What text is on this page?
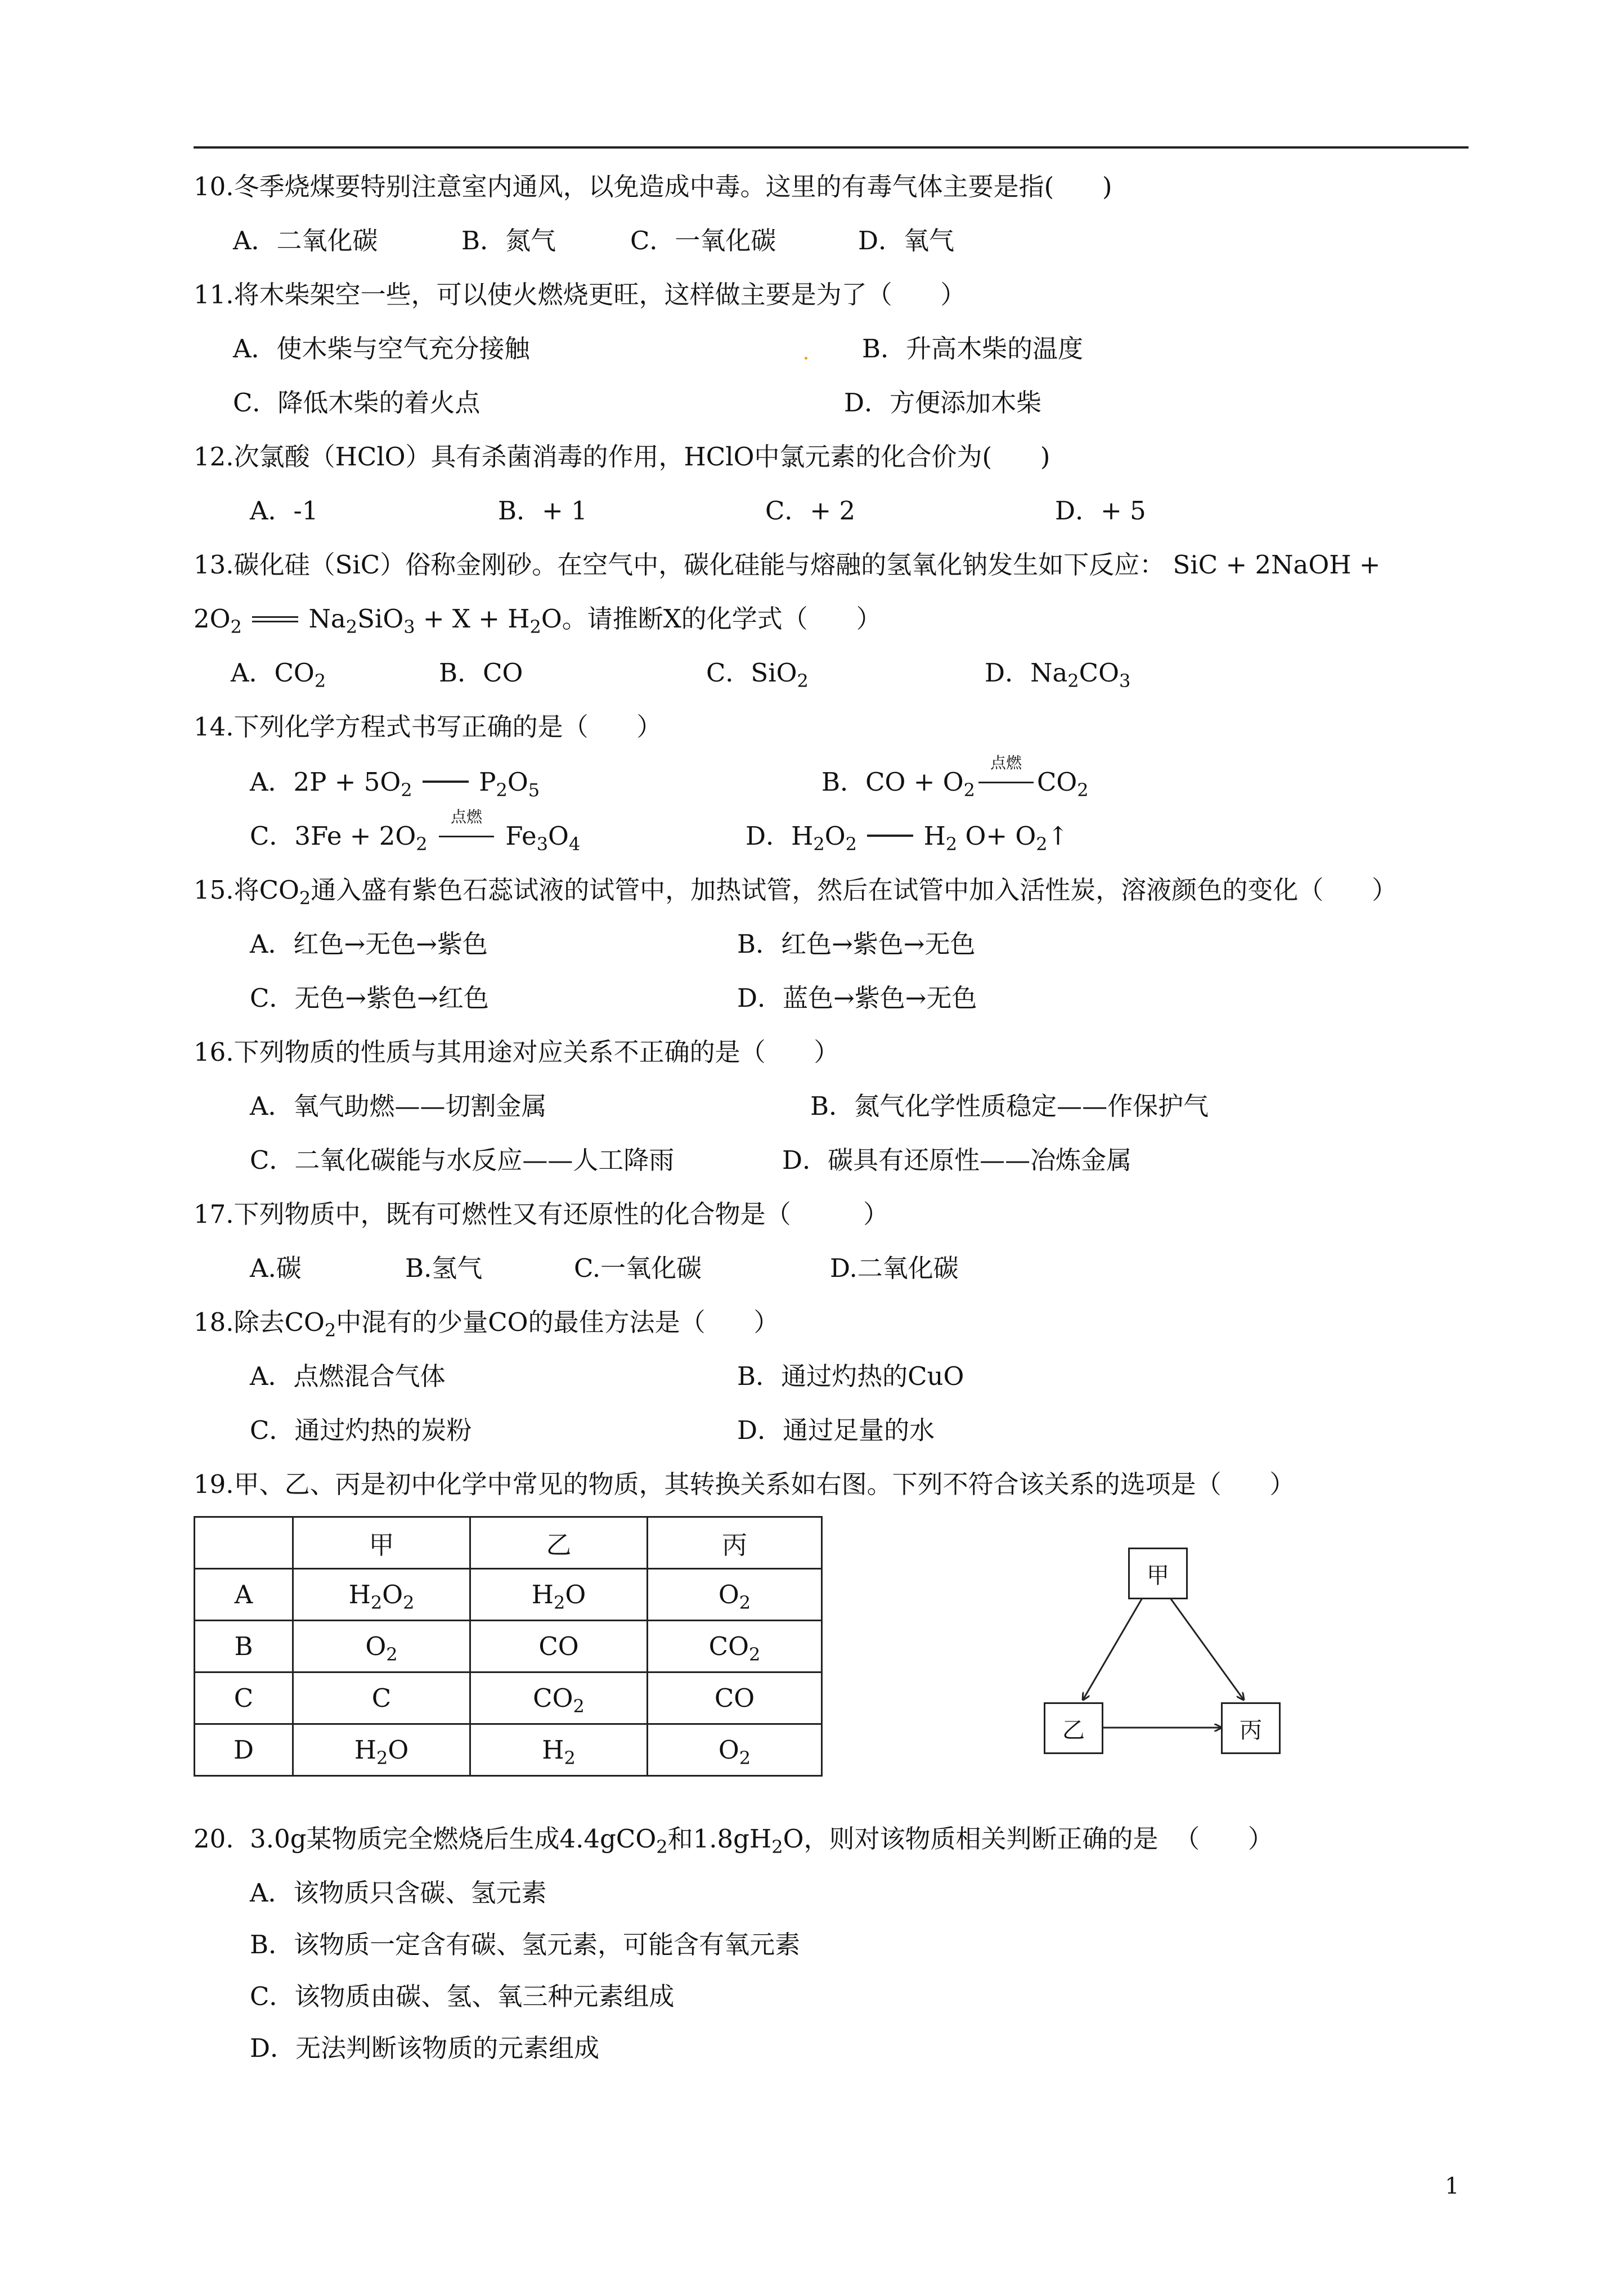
10.冬季烧煤要特别注意室内通风，以免造成中毒。这里的有毒气体主要是指(      )
A．二氧化碳	B．氮气	C．一氧化碳	D．氧气
11.将木柴架空一些，可以使火燃烧更旺，这样做主要是为了（      ）
A．使木柴与空气充分接触	B．升高木柴的温度
C．降低木柴的着火点	D．方便添加木柴
12.次氯酸（HClO）具有杀菌消毒的作用，HClO中氯元素的化合价为(      )
A．-1	B．+ 1	C．+ 2	D．+ 5
13.碳化硅（SiC）俗称金刚砂。在空气中，碳化硅能与熔融的氢氧化钠发生如下反应： SiC + 2NaOH +
$2O_2$	$Na_2SiO_3 + X + H_2O$。请推断X的化学式（      ）
A．$CO_2$	B．CO	C．SiO$_2$	D．$Na_2CO_3$
14.下列化学方程式书写正确的是（      ）
A．$2P + 5O_2$	$P_2O_5$	B．CO + $O_2$
点燃
$CO_2$
C．$3Fe + 2O_2$
点燃
$Fe_3O_4$	D．$H_2O_2$	$H_2$ $O+ O_2↑$
15.将$CO_2$通入盛有紫色石蕊试液的试管中，加热试管，然后在试管中加入活性炭，溶液颜色的变化（      ）
A．红色→无色→紫色	B．红色→紫色→无色
C．无色→紫色→红色	D．蓝色→紫色→无色
16.下列物质的性质与其用途对应关系不正确的是（      ）
A．氧气助燃——切割金属	B．氮气化学性质稳定——作保护气
C．二氧化碳能与水反应——人工降雨	D．碳具有还原性——冶炼金属
17.下列物质中，既有可燃性又有还原性的化合物是（         ）
A.碳	B.氢气	C.一氧化碳	D.二氧化碳
18.除去$CO_2$中混有的少量CO的最佳方法是（      ）
A．点燃混合气体	B．通过灼热的CuO
C．通过灼热的炭粉	D．通过足量的水
19.甲、乙、丙是初中化学中常见的物质，其转换关系如右图。下列不符合该关系的选项是（      ）
	甲	乙	丙
A	$H_2O_2$	$H_2O$	$O_2$
B	$O_2$	CO	$CO_2$
C	C	$CO_2$	CO
D	$H_2O$	$H_2$	$O_2$
甲
乙	丙
20.  3.0g某物质完全燃烧后生成4.4gCO$_2$和$1.8gH_2O$，则对该物质相关判断正确的是  （      ）
A．该物质只含碳、氢元素
B．该物质一定含有碳、氢元素，可能含有氧元素
C．该物质由碳、氢、氧三种元素组成
D．无法判断该物质的元素组成
1
